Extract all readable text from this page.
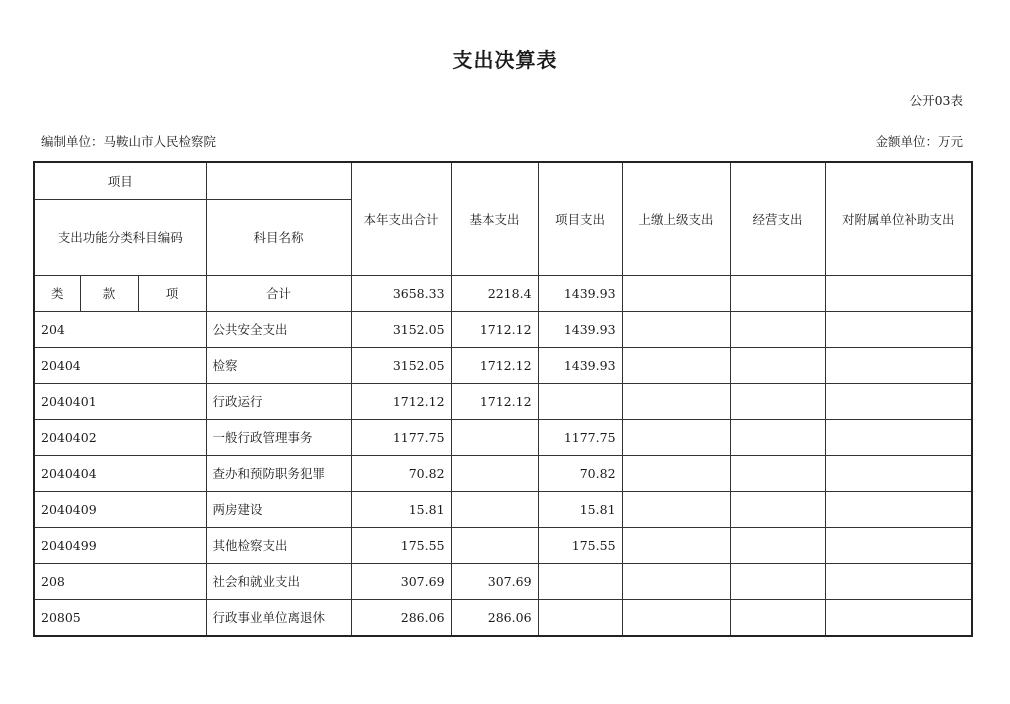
支出决算表
公开03表
编制单位：马鞍山市人民检察院	金额单位：万元
项目				本年支出合计	基本支出	项目支出	上缴上级支出	经营支出	对附属单位补助支出
支出功能分类科目编码			科目名称						
类	款	项	合计	3658.33	2218.4	1439.93			
204			公共安全支出	3152.05	1712.12	1439.93			
20404			检察	3152.05	1712.12	1439.93			
2040401			行政运行	1712.12	1712.12				
2040402			一般行政管理事务	1177.75		1177.75			
2040404			查办和预防职务犯罪	70.82		70.82			
2040409			两房建设	15.81		15.81			
2040499			其他检察支出	175.55		175.55			
208			社会和就业支出	307.69	307.69				
20805			行政事业单位离退休	286.06	286.06				
